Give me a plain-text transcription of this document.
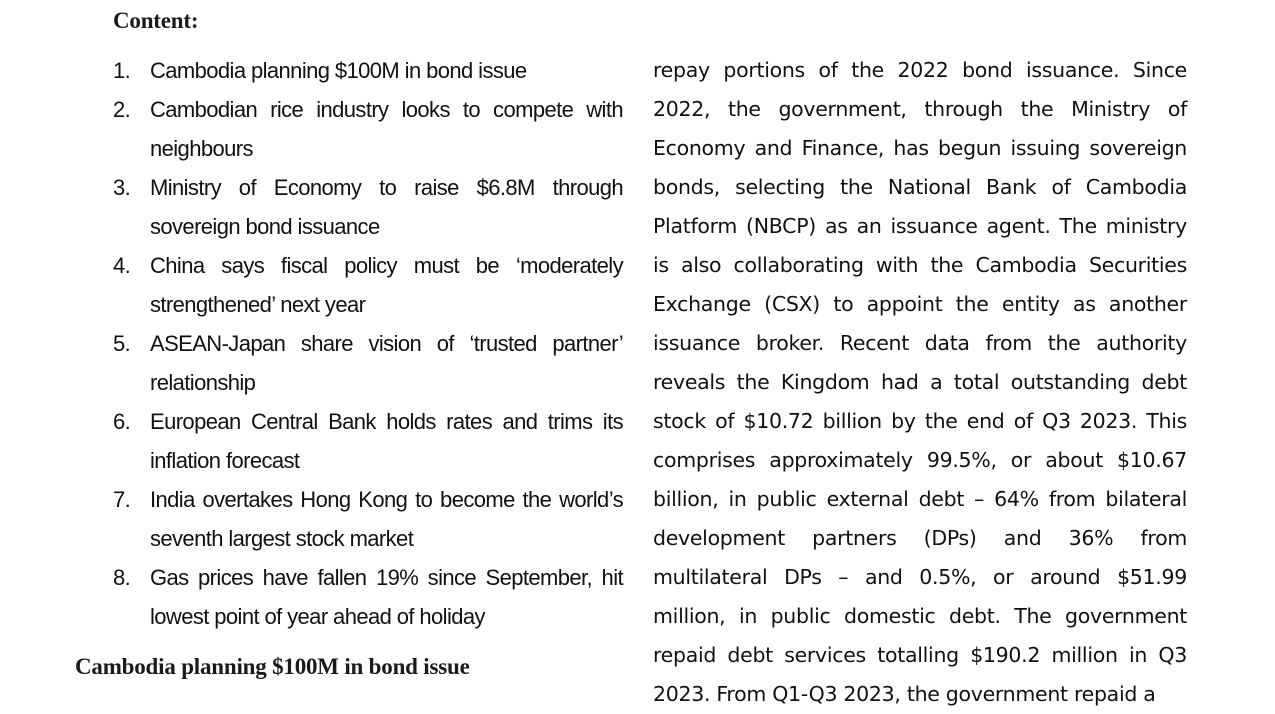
Content:
1. Cambodia planning $100M in bond issue
2. Cambodian rice industry looks to compete with neighbours
3. Ministry of Economy to raise $6.8M through sovereign bond issuance
4. China says fiscal policy must be ‘moderately strengthened’ next year
5. ASEAN-Japan share vision of ‘trusted partner’ relationship
6. European Central Bank holds rates and trims its inflation forecast
7. India overtakes Hong Kong to become the world’s seventh largest stock market
8. Gas prices have fallen 19% since September, hit lowest point of year ahead of holiday
Cambodia planning $100M in bond issue

repay portions of the 2022 bond issuance. Since 2022, the government, through the Ministry of Economy and Finance, has begun issuing sovereign bonds, selecting the National Bank of Cambodia Platform (NBCP) as an issuance agent. The ministry is also collaborating with the Cambodia Securities Exchange (CSX) to appoint the entity as another issuance broker. Recent data from the authority reveals the Kingdom had a total outstanding debt stock of $10.72 billion by the end of Q3 2023. This comprises approximately 99.5%, or about $10.67 billion, in public external debt – 64% from bilateral development partners (DPs) and 36% from multilateral DPs – and 0.5%, or around $51.99 million, in public domestic debt. The government repaid debt services totalling $190.2 million in Q3 2023. From Q1-Q3 2023, the government repaid a
